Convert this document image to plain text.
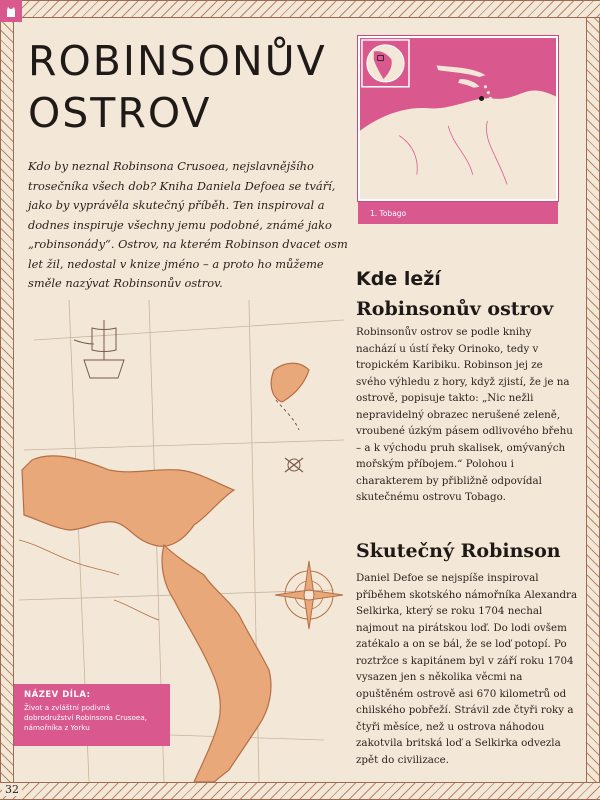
32
ROBINSONŮV
OSTROV

Kdo by neznal Robinsona Crusoea, nejslavnějšího trosečníka všech dob? Kniha Daniela Defoea se tváří, jako by vyprávěla skutečný příběh. Ten inspiroval a dodnes inspiruje všechny jemu podobné, známé jako „robinsonády“. Ostrov, na kterém Robinson dvacet osm let žil, nedostal v knize jméno – a proto ho můžeme směle nazývat Robinsonův ostrov.

1. Tobago
Kde leží
Robinsonův ostrov

Robinsonův ostrov se podle knihy nachází u ústí řeky Orinoko, tedy v tropickém Karibiku. Robinson jej ze svého výhledu z hory, když zjistí, že je na ostrově, popisuje takto: „Nic nežli nepravidelný obrazec nerušené zeleně, vroubené úzkým pásem odlivového břehu – a k východu pruh skalisek, omývaných mořským příbojem.“ Polohou i charakterem by přibližně odpovídal skutečnému ostrovu Tobago.

Skutečný Robinson

Daniel Defoe se nejspíše inspiroval příběhem skotského námořníka Alexandra Selkirka, který se roku 1704 nechal najmout na pirátskou loď. Do lodi ovšem zatékalo a on se bál, že se loď potopí. Po roztržce s kapitánem byl v září roku 1704 vysazen jen s několika věcmi na opuštěném ostrově asi 670 kilometrů od chilského pobřeží. Strávil zde čtyři roky a čtyři měsíce, než u ostrova náhodou zakotvila britská loď a Selkirka odvezla zpět do civilizace.

NÁZEV DÍLA:
Život a zvláštní podivná dobrodružství Robinsona Crusoea, námořníka z Yorku
